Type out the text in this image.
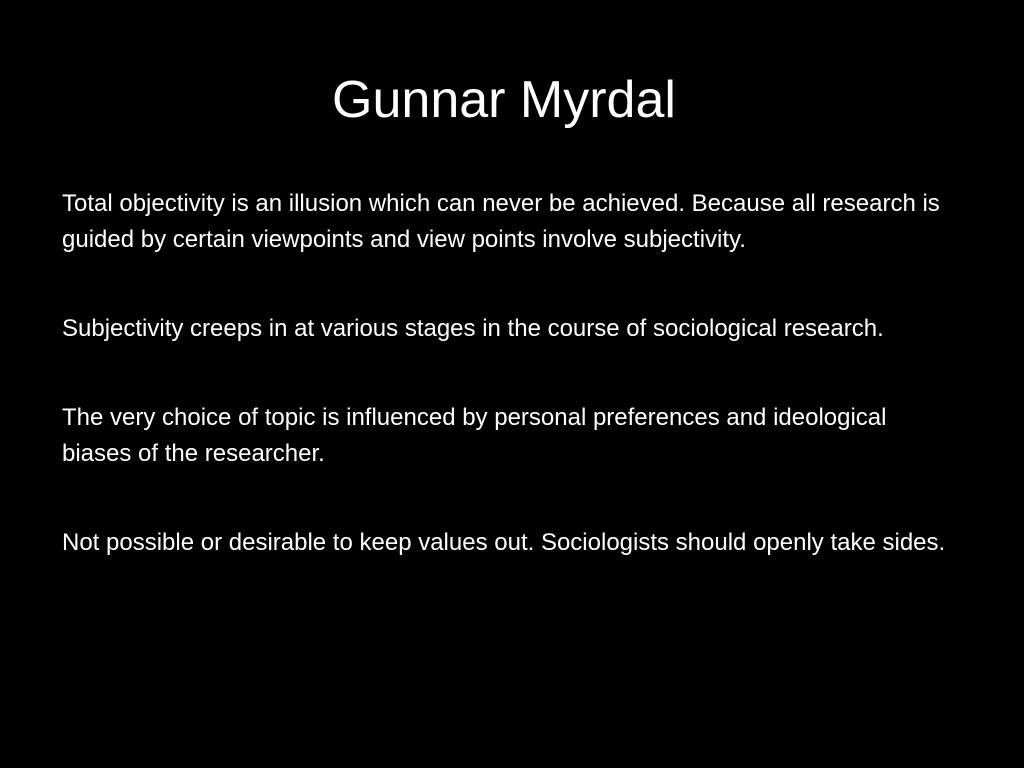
Gunnar Myrdal

Total objectivity is an illusion which can never be achieved. Because all research is guided by certain viewpoints and view points involve subjectivity.

Subjectivity creeps in at various stages in the course of sociological research.

The very choice of topic is influenced by personal preferences and ideological biases of the researcher.

Not possible or desirable to keep values out. Sociologists should openly take sides.
